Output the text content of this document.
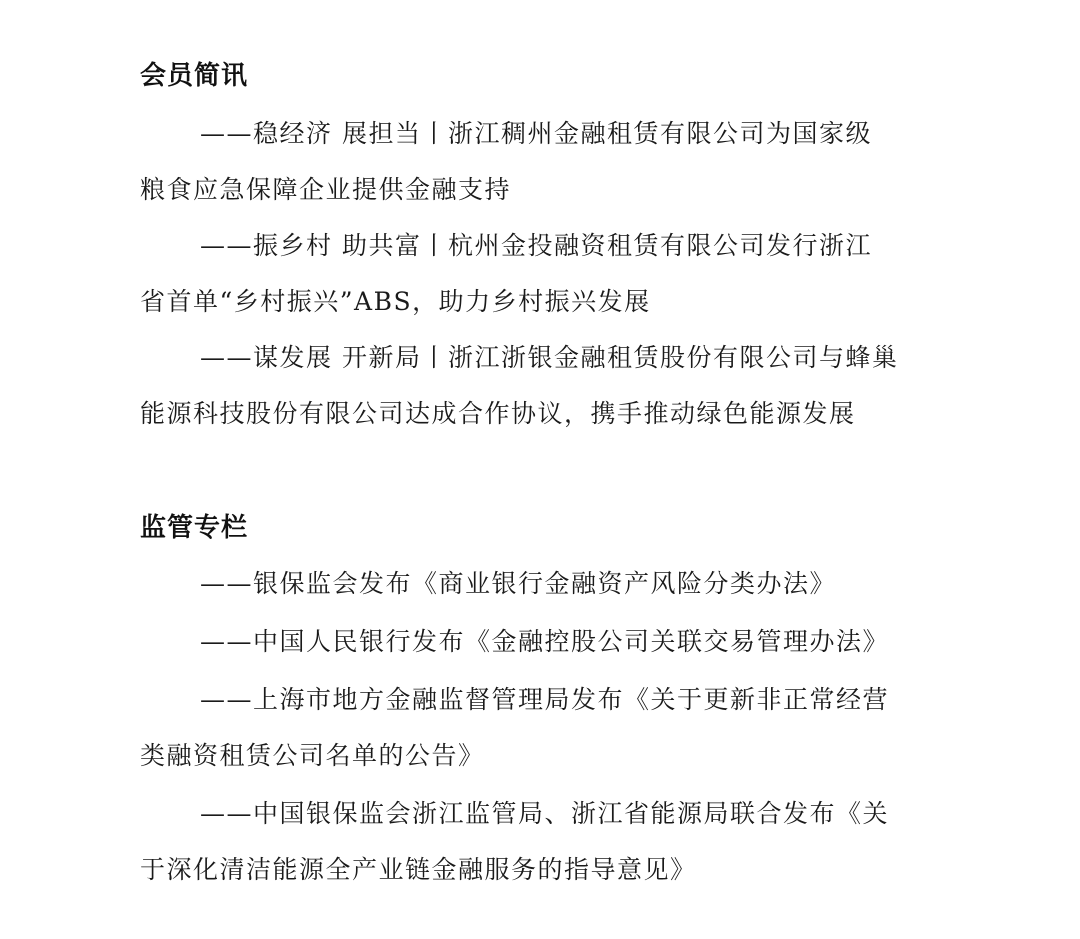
会员简讯

——稳经济 展担当丨浙江稠州金融租赁有限公司为国家级
粮食应急保障企业提供金融支持

——振乡村 助共富丨杭州金投融资租赁有限公司发行浙江
省首单“乡村振兴”ABS，助力乡村振兴发展

——谋发展 开新局丨浙江浙银金融租赁股份有限公司与蜂巢
能源科技股份有限公司达成合作协议，携手推动绿色能源发展

监管专栏

——银保监会发布《商业银行金融资产风险分类办法》

——中国人民银行发布《金融控股公司关联交易管理办法》

——上海市地方金融监督管理局发布《关于更新非正常经营
类融资租赁公司名单的公告》

——中国银保监会浙江监管局、浙江省能源局联合发布《关
于深化清洁能源全产业链金融服务的指导意见》
